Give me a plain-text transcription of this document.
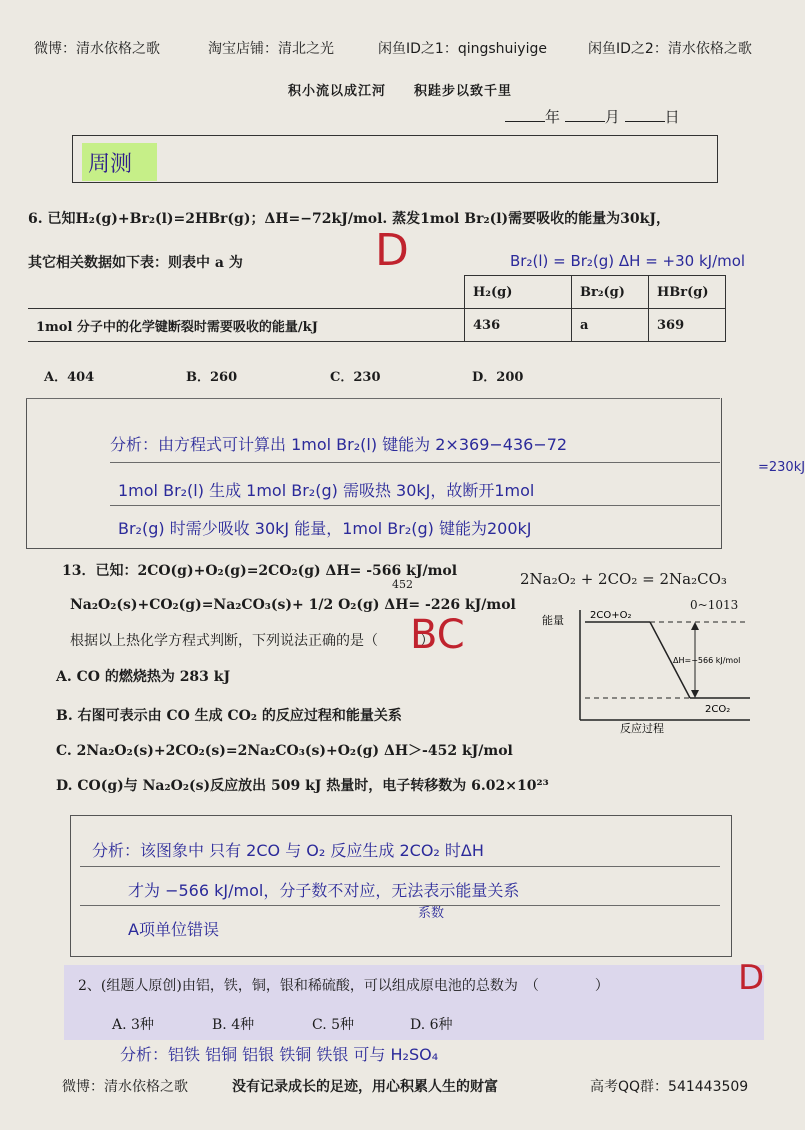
微博：清水依格之歌	淘宝店铺：清北之光	闲鱼ID之1：qingshuiyige	闲鱼ID之2：清水依格之歌
积小流以成江河　　积跬步以致千里
年	月	日
周测
6. 已知H₂(g)+Br₂(l)=2HBr(g)；ΔH=−72kJ/mol. 蒸发1mol Br₂(l)需要吸收的能量为30kJ，
其它相关数据如下表：则表中 a 为	Br₂(l) = Br₂(g) ΔH = +30 kJ/mol
D
	H₂(g)	Br₂(g)	HBr(g)
1mol 分子中的化学键断裂时需要吸收的能量/kJ	436	a	369
A．404	B．260	C．230	D．200
分析：由方程式可计算出 1mol Br₂(l) 键能为 2×369−436−72
=230kJ
1mol Br₂(l) 生成 1mol Br₂(g) 需吸热 30kJ，故断开1mol
Br₂(g) 时需少吸收 30kJ 能量，1mol Br₂(g) 键能为200kJ
13．已知：2CO(g)+O₂(g)=2CO₂(g) ΔH= -566 kJ/mol
Na₂O₂(s)+CO₂(g)=Na₂CO₃(s)+ 1/2 O₂(g) ΔH= -226 kJ/mol
452
根据以上热化学方程式判断，下列说法正确的是（　　　）
BC
2Na₂O₂ + 2CO₂ = 2Na₂CO₃
0~1013
能量	2CO+O₂
ΔH=−566 kJ/mol
2CO₂
反应过程
A. CO 的燃烧热为 283 kJ
B. 右图可表示由 CO 生成 CO₂ 的反应过程和能量关系
C. 2Na₂O₂(s)+2CO₂(s)=2Na₂CO₃(s)+O₂(g) ΔH＞-452 kJ/mol
D. CO(g)与 Na₂O₂(s)反应放出 509 kJ 热量时，电子转移数为 6.02×10²³
分析：该图象中 只有 2CO 与 O₂ 反应生成 2CO₂ 时ΔH
才为 −566 kJ/mol，分子数不对应，无法表示能量关系
系数
A项单位错误
2、(组题人原创)由铝，铁，铜，银和稀硫酸，可以组成原电池的总数为　（　　　　）	D
A. 3种	B. 4种	C. 5种	D. 6种
分析：铝铁 铝铜 铝银 铁铜 铁银 可与 H₂SO₄
微博：清水依格之歌	没有记录成长的足迹，用心积累人生的财富	高考QQ群：541443509
